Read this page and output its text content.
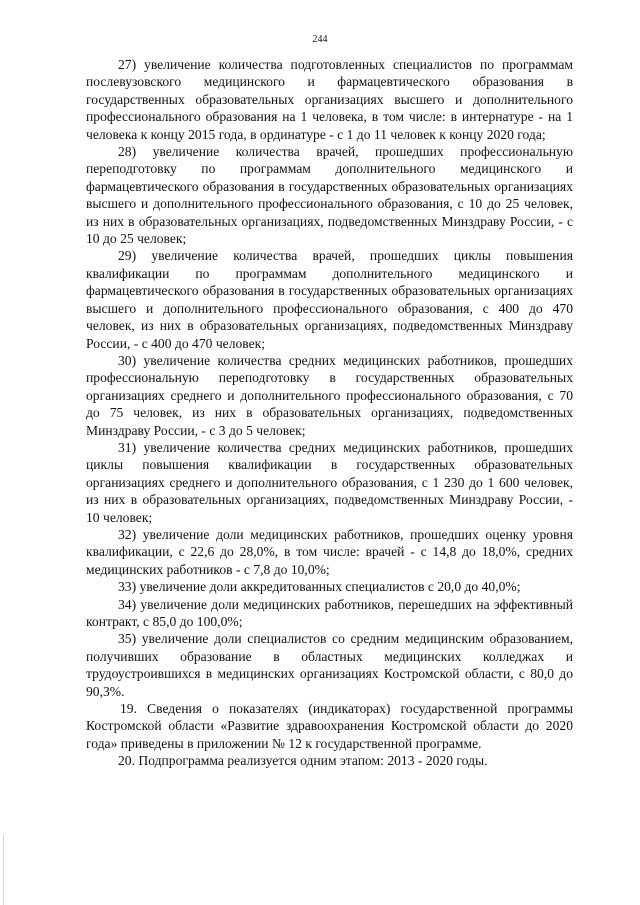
244

27) увеличение количества подготовленных специалистов по программам послевузовского медицинского и фармацевтического образования в государственных образовательных организациях высшего и дополнительного профессионального образования на 1 человека, в том числе: в интернатуре - на 1 человека к концу 2015 года, в ординатуре - с 1 до 11 человек к концу 2020 года;

28) увеличение количества врачей, прошедших профессиональную переподготовку по программам дополнительного медицинского и фармацевтического образования в государственных образовательных организациях высшего и дополнительного профессионального образования, с 10 до 25 человек, из них в образовательных организациях, подведомственных Минздраву России, - с 10 до 25 человек;

29) увеличение количества врачей, прошедших циклы повышения квалификации по программам дополнительного медицинского и фармацевтического образования в государственных образовательных организациях высшего и дополнительного профессионального образования, с 400 до 470 человек, из них в образовательных организациях, подведомственных Минздраву России, - с 400 до 470 человек;

30) увеличение количества средних медицинских работников, прошедших профессиональную переподготовку в государственных образовательных организациях среднего и дополнительного профессионального образования, с 70 до 75 человек, из них в образовательных организациях, подведомственных Минздраву России, - с 3 до 5 человек;

31) увеличение количества средних медицинских работников, прошедших циклы повышения квалификации в государственных образовательных организациях среднего и дополнительного образования, с 1 230 до 1 600 человек, из них в образовательных организациях, подведомственных Минздраву России, - 10 человек;

32) увеличение доли медицинских работников, прошедших оценку уровня квалификации, с 22,6 до 28,0%, в том числе: врачей - с 14,8 до 18,0%, средних медицинских работников - с 7,8 до 10,0%;

33) увеличение доли аккредитованных специалистов с 20,0 до 40,0%;

34) увеличение доли медицинских работников, перешедших на эффективный контракт, с 85,0 до 100,0%;

35) увеличение доли специалистов со средним медицинским образованием, получивших образование в областных медицинских колледжах и трудоустроившихся в медицинских организациях Костромской области, с 80,0 до 90,3%.

19. Сведения о показателях (индикаторах) государственной программы Костромской области «Развитие здравоохранения Костромской области до 2020 года» приведены в приложении № 12 к государственной программе.

20. Подпрограмма реализуется одним этапом: 2013 - 2020 годы.
